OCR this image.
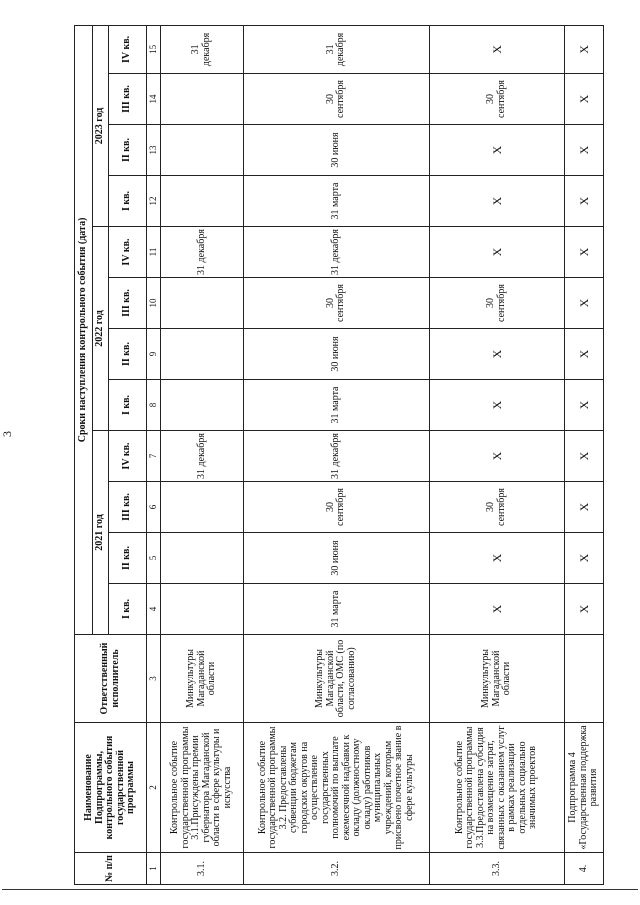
3
№ п/п	Наименование Подпрограммы, контрольного события государственной программы	Ответственный исполнитель	Сроки наступления контрольного события (дата)											
			2021 год				2022 год				2023 год			
			I кв.	II кв.	III кв.	IV кв.	I кв.	II кв.	III кв.	IV кв.	I кв.	II кв.	III кв.	IV кв.
1	2	3	4	5	6	7	8	9	10	11	12	13	14	15
3.1.	Контрольное событие государственной программы 3.1.Присуждены премии губернатора Магаданской области в сфере культуры и искусства	Минкультуры Магаданской области				31 декабря				31 декабря				31 декабря
3.2.	Контрольное событие государственной программы 3.2. Предоставлены субвенции бюджетам городских округов на осуществление государственных полномочий по выплате ежемесячной надбавки к окладу (должностному окладу) работников муниципальных учреждений, которым присвоено почетное звание в сфере культуры	Минкультуры Магаданской области, ОМС (по согласованию)	31 марта	30 июня	30 сентября	31 декабря	31 марта	30 июня	30 сентября	31 декабря	31 марта	30 июня	30 сентября	31 декабря
3.3.	Контрольное событие государственной программы 3.3.Предоставлена субсидия на возмещение затрат, связанных с оказанием услуг в рамках реализации отдельных социально значимых проектов	Минкультуры Магаданской области	Х	Х	30 сентября	Х	Х	Х	30 сентября	Х	Х	Х	30 сентября	Х
4.	Подпрограмма 4 «Государственная поддержка развития		Х	Х	Х	Х	Х	Х	Х	Х	Х	Х	Х	Х
